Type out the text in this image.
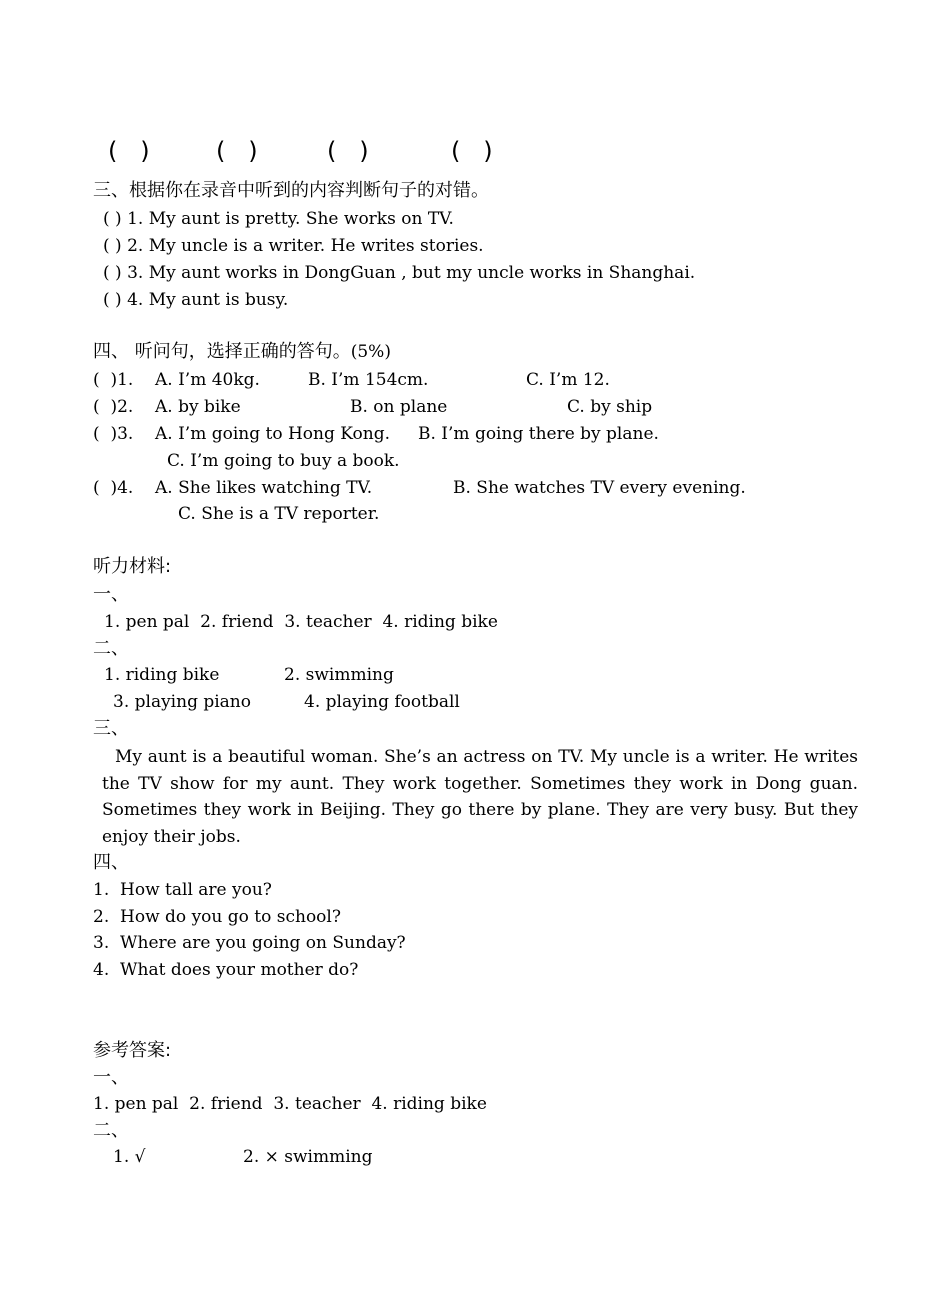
(   )	(   )	(   )	(   )
三、根据你在录音中听到的内容判断句子的对错。
( ) 1. My aunt is pretty. She works on TV.
( ) 2. My uncle is a writer. He writes stories.
( ) 3. My aunt works in DongGuan , but my uncle works in Shanghai.
( ) 4. My aunt is busy.
四、 听问句，选择正确的答句。(5%)
(  )1. A. I’m 40kg.	B. I’m 154cm.	C. I’m 12.
(  )2. A. by bike	B. on plane	C. by ship
(  )3. A. I’m going to Hong Kong. B. I’m going there by plane.
C. I’m going to buy a book.
(  )4. A. She likes watching TV.	B. She watches TV every evening.
C. She is a TV reporter.
听力材料:
一、
1. pen pal  2. friend  3. teacher  4. riding bike
二、
1. riding bike	2. swimming
3. playing piano	4. playing football
三、
My aunt is a beautiful woman. She’s an actress on TV. My uncle is a writer. He writes the TV show for my aunt. They work together. Sometimes they work in Dong guan. Sometimes they work in Beijing. They go there by plane. They are very busy. But they enjoy their jobs.
四、
1.  How tall are you?
2.  How do you go to school?
3.  Where are you going on Sunday?
4.  What does your mother do?
参考答案:
一、
1. pen pal  2. friend  3. teacher  4. riding bike
二、
1. √	2. × swimming
